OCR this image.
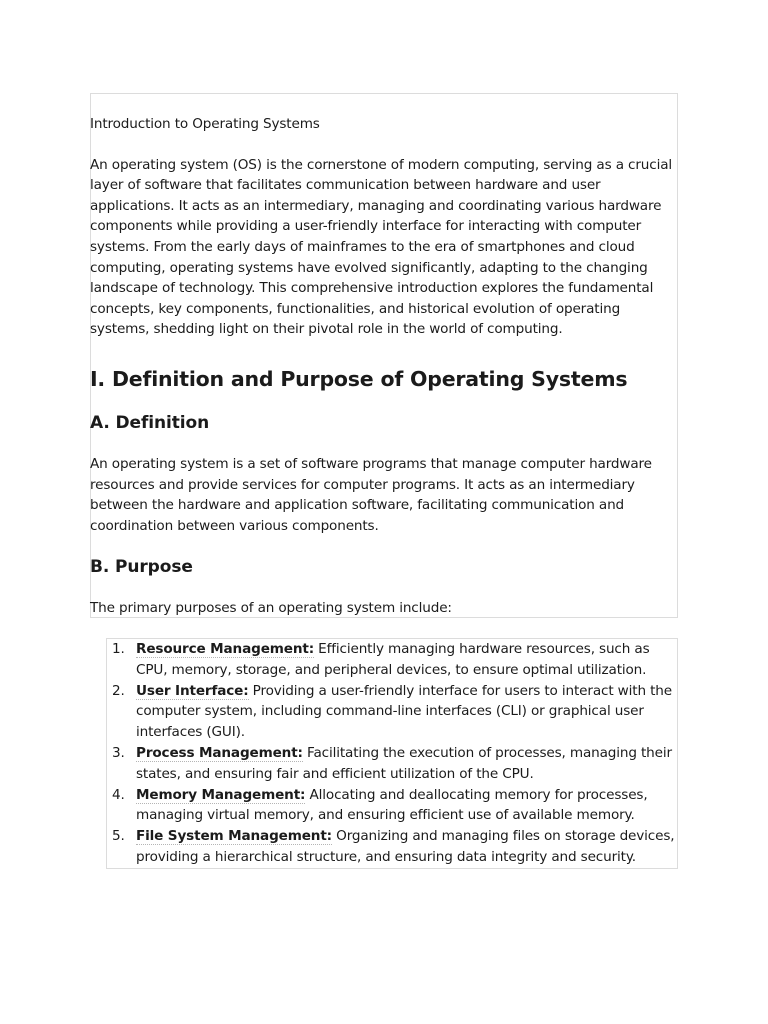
Introduction to Operating Systems

An operating system (OS) is the cornerstone of modern computing, serving as a crucial layer of software that facilitates communication between hardware and user applications. It acts as an intermediary, managing and coordinating various hardware components while providing a user-friendly interface for interacting with computer systems. From the early days of mainframes to the era of smartphones and cloud computing, operating systems have evolved significantly, adapting to the changing landscape of technology. This comprehensive introduction explores the fundamental concepts, key components, functionalities, and historical evolution of operating systems, shedding light on their pivotal role in the world of computing.

I. Definition and Purpose of Operating Systems
A. Definition

An operating system is a set of software programs that manage computer hardware resources and provide services for computer programs. It acts as an intermediary between the hardware and application software, facilitating communication and coordination between various components.

B. Purpose

The primary purposes of an operating system include:

1. Resource Management: Efficiently managing hardware resources, such as CPU, memory, storage, and peripheral devices, to ensure optimal utilization.
2. User Interface: Providing a user-friendly interface for users to interact with the computer system, including command-line interfaces (CLI) or graphical user interfaces (GUI).
3. Process Management: Facilitating the execution of processes, managing their states, and ensuring fair and efficient utilization of the CPU.
4. Memory Management: Allocating and deallocating memory for processes, managing virtual memory, and ensuring efficient use of available memory.
5. File System Management: Organizing and managing files on storage devices, providing a hierarchical structure, and ensuring data integrity and security.
